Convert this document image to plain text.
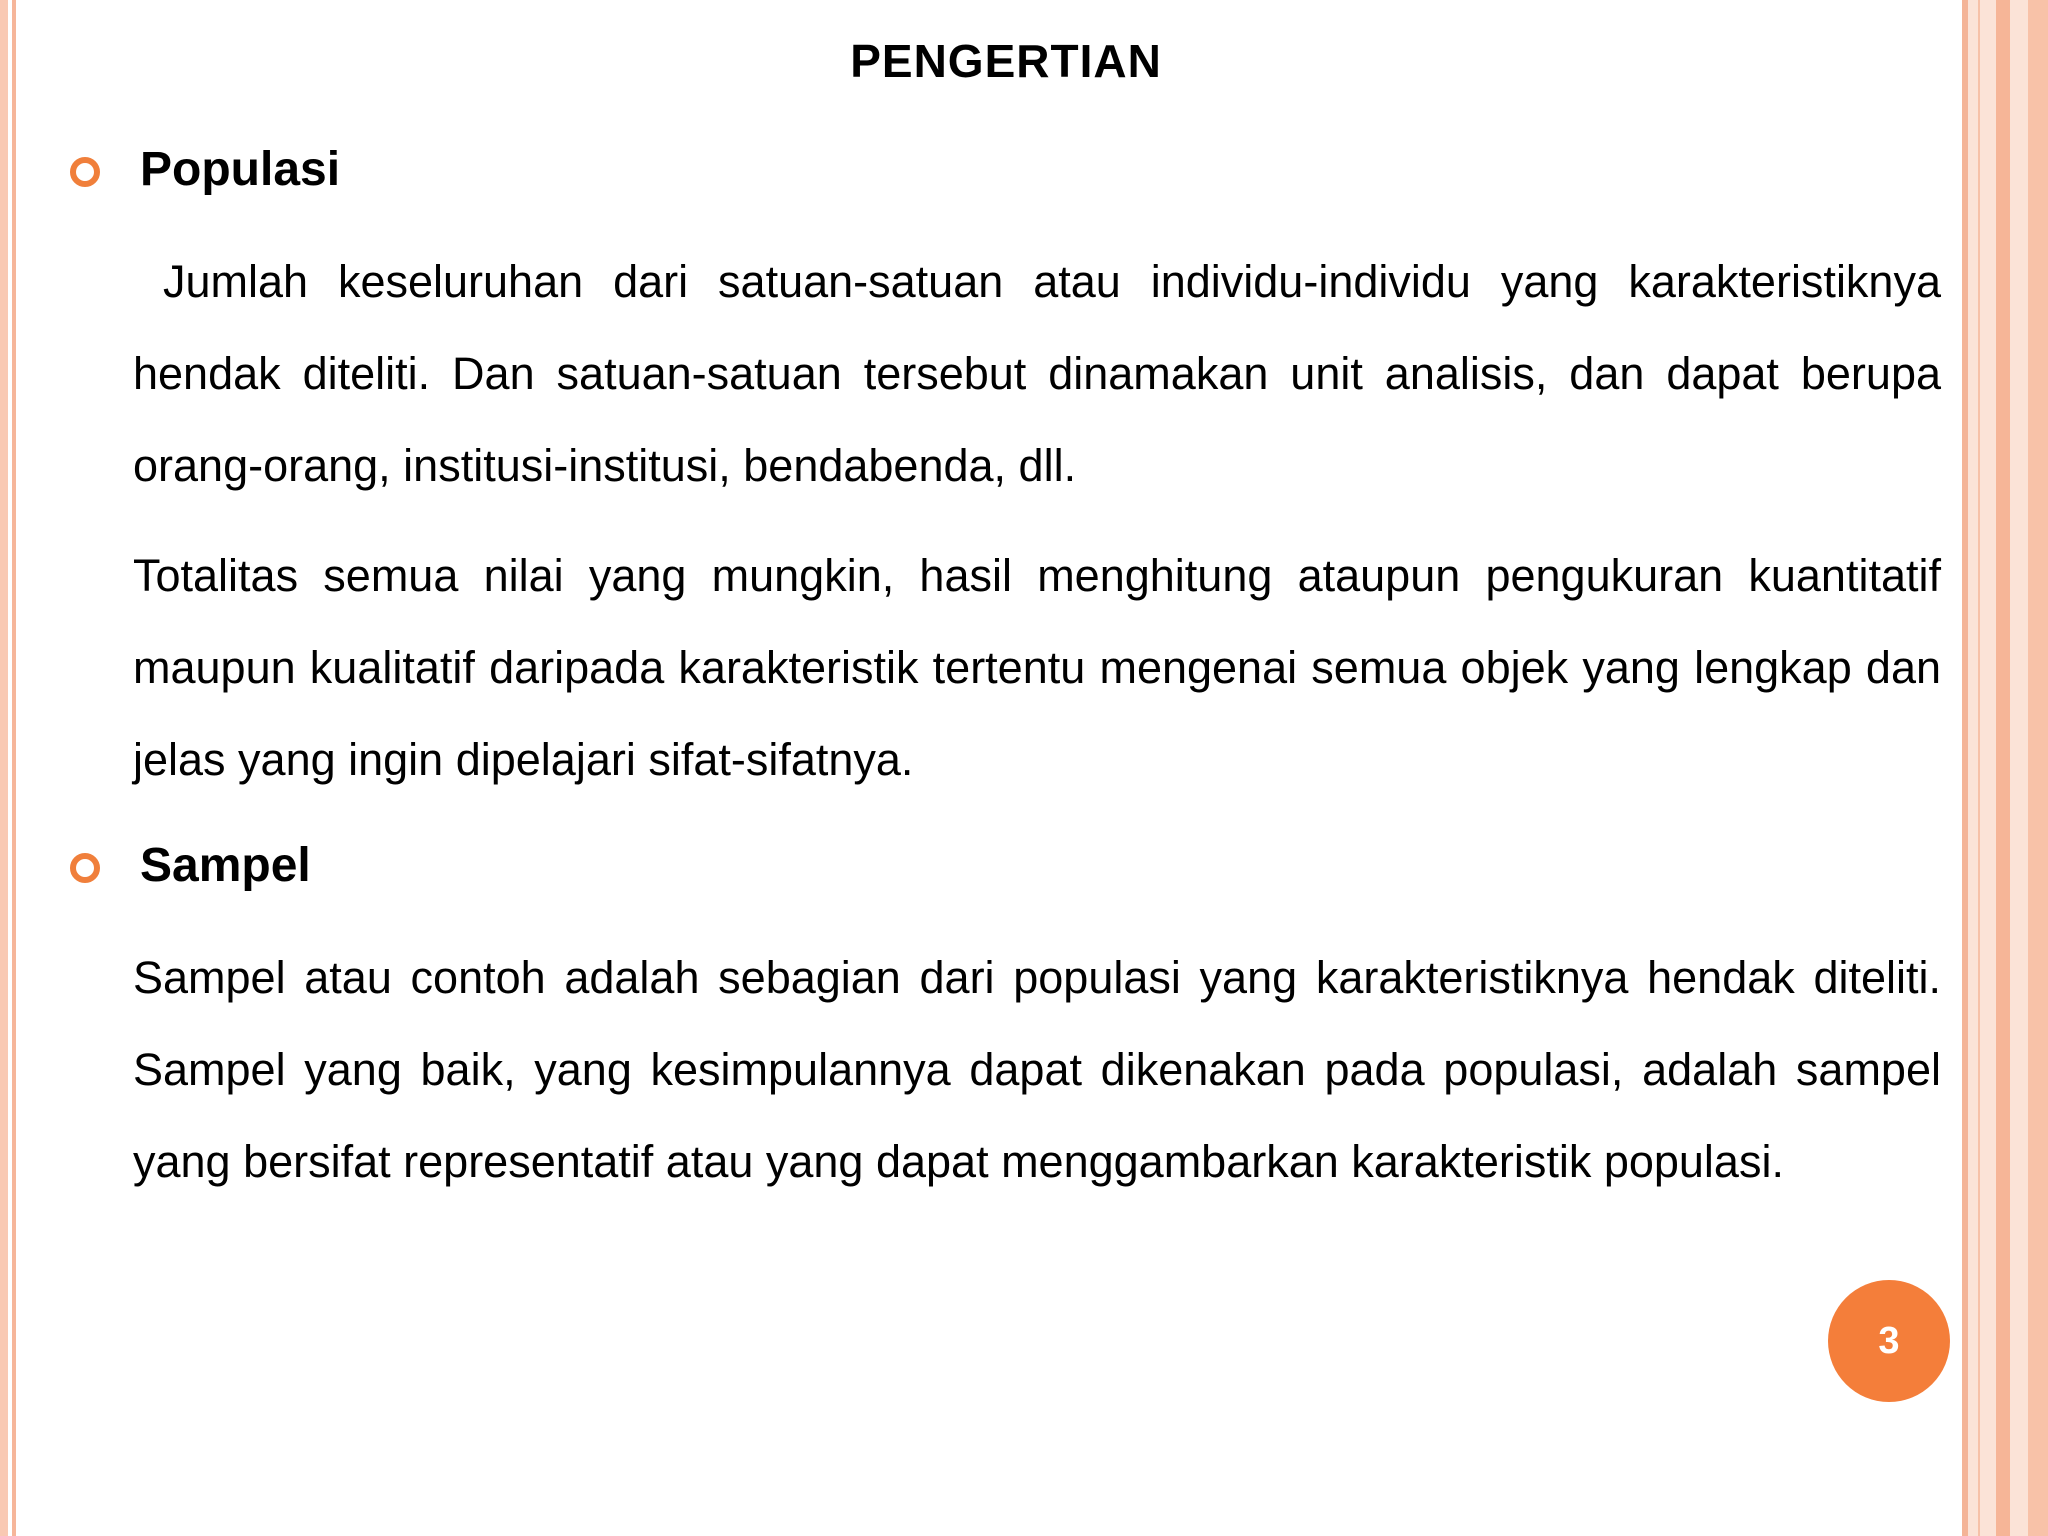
PENGERTIAN
Populasi

Jumlah keseluruhan dari satuan-satuan atau individu-individu yang karakteristiknya hendak diteliti. Dan satuan-satuan tersebut dinamakan unit analisis, dan dapat berupa orang-orang, institusi-institusi, bendabenda, dll.

Totalitas semua nilai yang mungkin, hasil menghitung ataupun pengukuran kuantitatif maupun kualitatif daripada karakteristik tertentu mengenai semua objek yang lengkap dan jelas yang ingin dipelajari sifat-sifatnya.

Sampel

Sampel atau contoh adalah sebagian dari populasi yang karakteristiknya hendak diteliti. Sampel yang baik, yang kesimpulannya dapat dikenakan pada populasi, adalah sampel yang bersifat representatif atau yang dapat menggambarkan karakteristik populasi.

3
